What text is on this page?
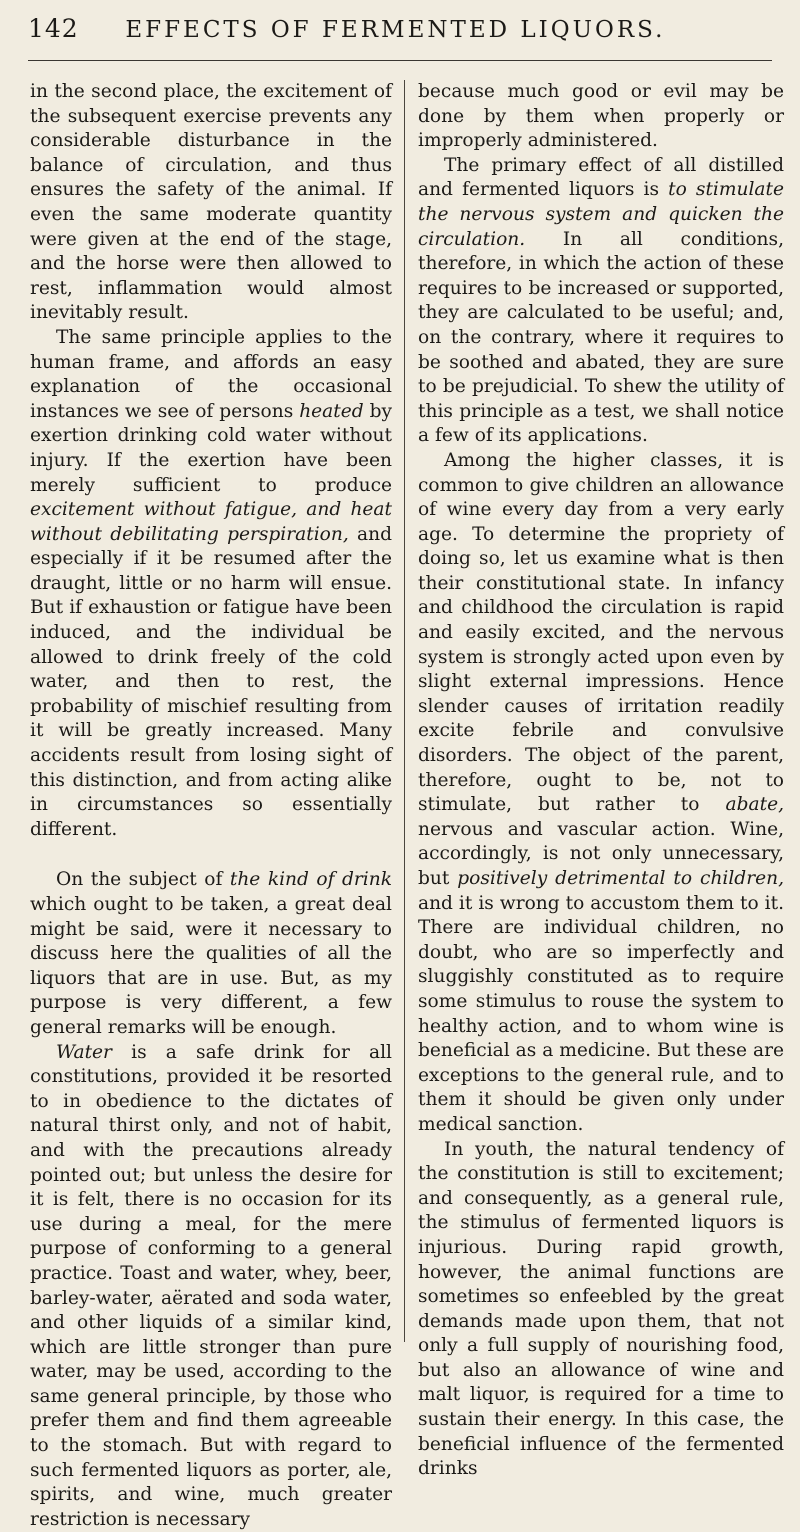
142	EFFECTS OF FERMENTED LIQUORS.

in the second place, the excitement of the subsequent exercise prevents any considerable disturbance in the balance of circulation, and thus ensures the safety of the animal. If even the same moderate quantity were given at the end of the stage, and the horse were then allowed to rest, inflammation would almost inevitably result.

The same principle applies to the human frame, and affords an easy explanation of the occasional instances we see of persons heated by exertion drinking cold water without injury. If the exertion have been merely sufficient to produce excitement without fatigue, and heat without debilitating perspiration, and especially if it be resumed after the draught, little or no harm will ensue. But if exhaustion or fatigue have been induced, and the individual be allowed to drink freely of the cold water, and then to rest, the probability of mischief resulting from it will be greatly increased. Many accidents result from losing sight of this distinction, and from acting alike in circumstances so essentially different.

On the subject of the kind of drink which ought to be taken, a great deal might be said, were it necessary to discuss here the qualities of all the liquors that are in use. But, as my purpose is very different, a few general remarks will be enough.

Water is a safe drink for all constitutions, provided it be resorted to in obedience to the dictates of natural thirst only, and not of habit, and with the precautions already pointed out; but unless the desire for it is felt, there is no occasion for its use during a meal, for the mere purpose of conforming to a general practice. Toast and water, whey, beer, barley-water, aërated and soda water, and other liquids of a similar kind, which are little stronger than pure water, may be used, according to the same general principle, by those who prefer them and find them agreeable to the stomach. But with regard to such fermented liquors as porter, ale, spirits, and wine, much greater restriction is necessary

because much good or evil may be done by them when properly or improperly administered.

The primary effect of all distilled and fermented liquors is to stimulate the nervous system and quicken the circulation. In all conditions, therefore, in which the action of these requires to be increased or supported, they are calculated to be useful; and, on the contrary, where it requires to be soothed and abated, they are sure to be prejudicial. To shew the utility of this principle as a test, we shall notice a few of its applications.

Among the higher classes, it is common to give children an allowance of wine every day from a very early age. To determine the propriety of doing so, let us examine what is then their constitutional state. In infancy and childhood the circulation is rapid and easily excited, and the nervous system is strongly acted upon even by slight external impressions. Hence slender causes of irritation readily excite febrile and convulsive disorders. The object of the parent, therefore, ought to be, not to stimulate, but rather to abate, nervous and vascular action. Wine, accordingly, is not only unnecessary, but positively detrimental to children, and it is wrong to accustom them to it. There are individual children, no doubt, who are so imperfectly and sluggishly constituted as to require some stimulus to rouse the system to healthy action, and to whom wine is beneficial as a medicine. But these are exceptions to the general rule, and to them it should be given only under medical sanction.

In youth, the natural tendency of the constitution is still to excitement; and consequently, as a general rule, the stimulus of fermented liquors is injurious. During rapid growth, however, the animal functions are sometimes so enfeebled by the great demands made upon them, that not only a full supply of nourishing food, but also an allowance of wine and malt liquor, is required for a time to sustain their energy. In this case, the beneficial influence of the fermented drinks
